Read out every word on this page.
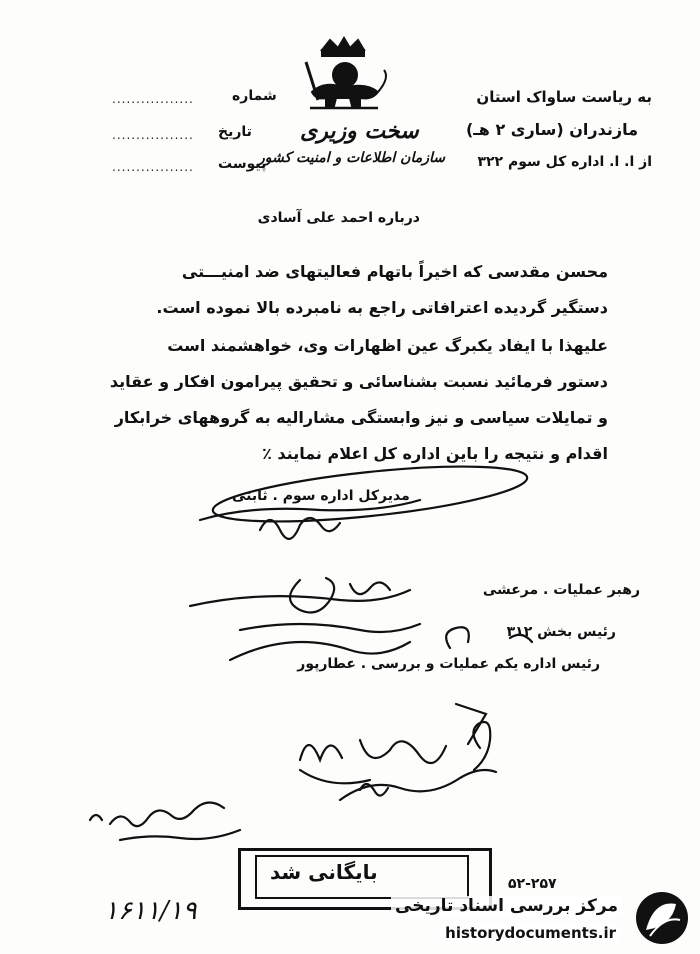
به ریاست ساواک استان
مازندران (ساری ۲ هـ)
از ا. ا. اداره کل سوم ۳۲۲
سخت وزیری
سازمان اطلاعات و امنیت کشور
شماره
.................
تاریخ
.................
پیوست
.................
درباره احمد علی آسادی
محسن مقدسی که اخیراً باتهام فعالیتهای ضد امنیـــتی
دستگیر گردیده اعترافاتی راجع به نامبرده بالا نموده است.
علیهذا با ایفاد یکبرگ عین اظهارات وی، خواهشمند است
دستور فرمائید نسبت بشناسائی و تحقیق پیرامون افکار و عقاید
و تمایلات سیاسی و نیز وابستگی مشارالیه به گروههای خرابکار
اقدام و نتیجه را باین اداره کل اعلام نمایند ٪
مدیرکل اداره سوم . ثابتی
رهبر عملیات . مرعشی
رئیس بخش ۳۱۲
رئیس اداره یکم عملیات و بررسی . عطارپور
بایگانی شد	۵۲-۲۵۷
١۶١١/١٩	مرکز بررسی اسناد تاریخی
historydocuments.ir
